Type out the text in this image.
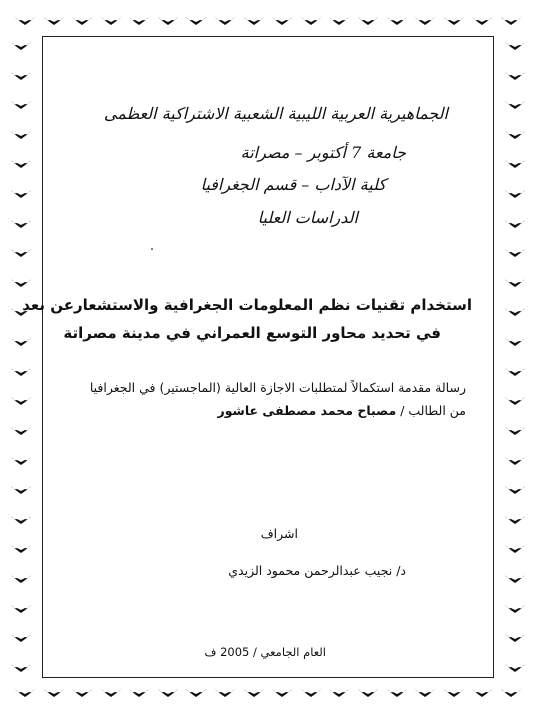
الجماهيرية العربية الليبية الشعبية الاشتراكية العظمى
جامعة 7 أكتوبر – مصراتة
كلية الآداب – قسم الجغرافيا
الدراسات العليا
استخدام تقنيات نظم المعلومات الجغرافية والاستشعارعن بعد
في تحديد محاور التوسع العمراني في مدينة مصراتة
رسالة مقدمة استكمالاً لمتطلبات الاجازة العالية (الماجستير) في الجغرافيا
من الطالب / مصباح محمد مصطفى عاشور
اشراف
د/ نجيب عبدالرحمن محمود الزيدي
العام الجامعي / 2005 ف
